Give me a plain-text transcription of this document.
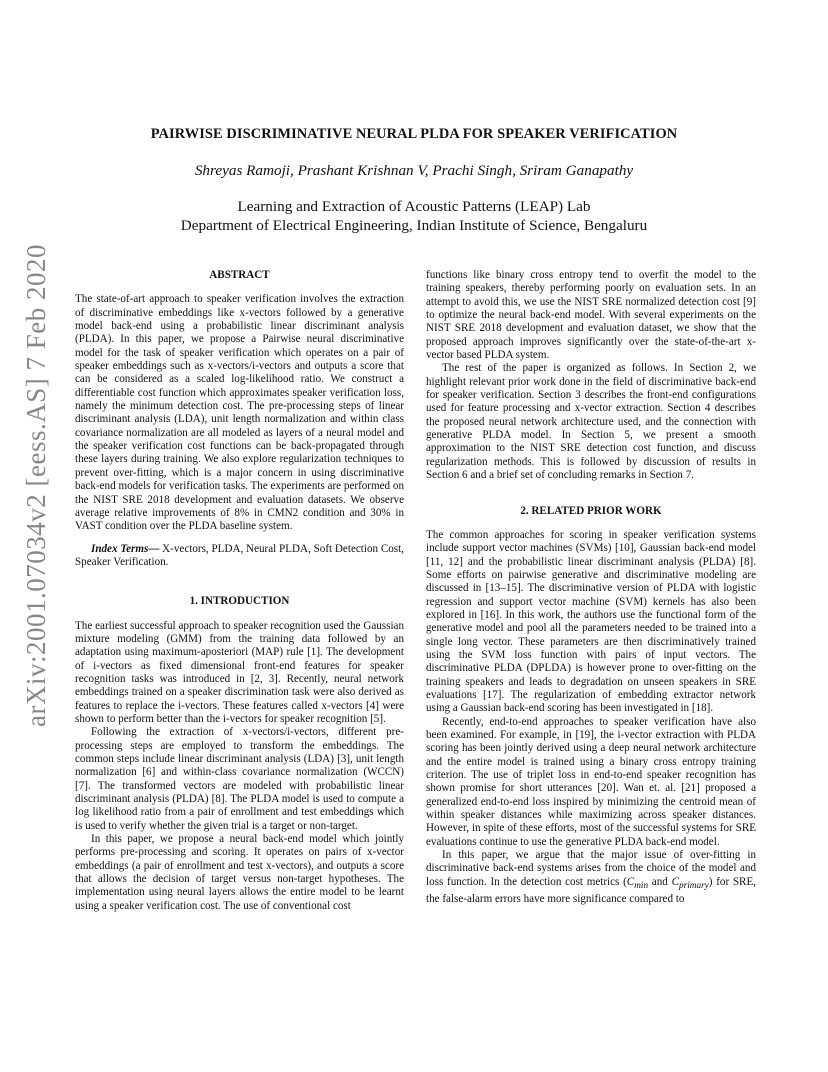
arXiv:2001.07034v2 [eess.AS] 7 Feb 2020
PAIRWISE DISCRIMINATIVE NEURAL PLDA FOR SPEAKER VERIFICATION
Shreyas Ramoji, Prashant Krishnan V, Prachi Singh, Sriram Ganapathy
Learning and Extraction of Acoustic Patterns (LEAP) Lab
Department of Electrical Engineering, Indian Institute of Science, Bengaluru

ABSTRACT

The state-of-art approach to speaker verification involves the extraction of discriminative embeddings like x-vectors followed by a generative model back-end using a probabilistic linear discriminant analysis (PLDA). In this paper, we propose a Pairwise neural discriminative model for the task of speaker verification which operates on a pair of speaker embeddings such as x-vectors/i-vectors and outputs a score that can be considered as a scaled log-likelihood ratio. We construct a differentiable cost function which approximates speaker verification loss, namely the minimum detection cost. The pre-processing steps of linear discriminant analysis (LDA), unit length normalization and within class covariance normalization are all modeled as layers of a neural model and the speaker verification cost functions can be back-propagated through these layers during training. We also explore regularization techniques to prevent over-fitting, which is a major concern in using discriminative back-end models for verification tasks. The experiments are performed on the NIST SRE 2018 development and evaluation datasets. We observe average relative improvements of 8% in CMN2 condition and 30% in VAST condition over the PLDA baseline system.

Index Terms— X-vectors, PLDA, Neural PLDA, Soft Detection Cost, Speaker Verification.

1. INTRODUCTION

The earliest successful approach to speaker recognition used the Gaussian mixture modeling (GMM) from the training data followed by an adaptation using maximum-aposteriori (MAP) rule [1]. The development of i-vectors as fixed dimensional front-end features for speaker recognition tasks was introduced in [2, 3]. Recently, neural network embeddings trained on a speaker discrimination task were also derived as features to replace the i-vectors. These features called x-vectors [4] were shown to perform better than the i-vectors for speaker recognition [5].

Following the extraction of x-vectors/i-vectors, different pre-processing steps are employed to transform the embeddings. The common steps include linear discriminant analysis (LDA) [3], unit length normalization [6] and within-class covariance normalization (WCCN) [7]. The transformed vectors are modeled with probabilistic linear discriminant analysis (PLDA) [8]. The PLDA model is used to compute a log likelihood ratio from a pair of enrollment and test embeddings which is used to verify whether the given trial is a target or non-target.

In this paper, we propose a neural back-end model which jointly performs pre-processing and scoring. It operates on pairs of x-vector embeddings (a pair of enrollment and test x-vectors), and outputs a score that allows the decision of target versus non-target hypotheses. The implementation using neural layers allows the entire model to be learnt using a speaker verification cost. The use of conventional cost

functions like binary cross entropy tend to overfit the model to the training speakers, thereby performing poorly on evaluation sets. In an attempt to avoid this, we use the NIST SRE normalized detection cost [9] to optimize the neural back-end model. With several experiments on the NIST SRE 2018 development and evaluation dataset, we show that the proposed approach improves significantly over the state-of-the-art x-vector based PLDA system.

The rest of the paper is organized as follows. In Section 2, we highlight relevant prior work done in the field of discriminative back-end for speaker verification. Section 3 describes the front-end configurations used for feature processing and x-vector extraction. Section 4 describes the proposed neural network architecture used, and the connection with generative PLDA model. In Section 5, we present a smooth approximation to the NIST SRE detection cost function, and discuss regularization methods. This is followed by discussion of results in Section 6 and a brief set of concluding remarks in Section 7.

2. RELATED PRIOR WORK

The common approaches for scoring in speaker verification systems include support vector machines (SVMs) [10], Gaussian back-end model [11, 12] and the probabilistic linear discriminant analysis (PLDA) [8]. Some efforts on pairwise generative and discriminative modeling are discussed in [13–15]. The discriminative version of PLDA with logistic regression and support vector machine (SVM) kernels has also been explored in [16]. In this work, the authors use the functional form of the generative model and pool all the parameters needed to be trained into a single long vector. These parameters are then discriminatively trained using the SVM loss function with pairs of input vectors. The discriminative PLDA (DPLDA) is however prone to over-fitting on the training speakers and leads to degradation on unseen speakers in SRE evaluations [17]. The regularization of embedding extractor network using a Gaussian back-end scoring has been investigated in [18].

Recently, end-to-end approaches to speaker verification have also been examined. For example, in [19], the i-vector extraction with PLDA scoring has been jointly derived using a deep neural network architecture and the entire model is trained using a binary cross entropy training criterion. The use of triplet loss in end-to-end speaker recognition has shown promise for short utterances [20]. Wan et. al. [21] proposed a generalized end-to-end loss inspired by minimizing the centroid mean of within speaker distances while maximizing across speaker distances. However, in spite of these efforts, most of the successful systems for SRE evaluations continue to use the generative PLDA back-end model.

In this paper, we argue that the major issue of over-fitting in discriminative back-end systems arises from the choice of the model and loss function. In the detection cost metrics ($C_{min}$ and $C_{primary}$) for SRE, the false-alarm errors have more significance compared to
